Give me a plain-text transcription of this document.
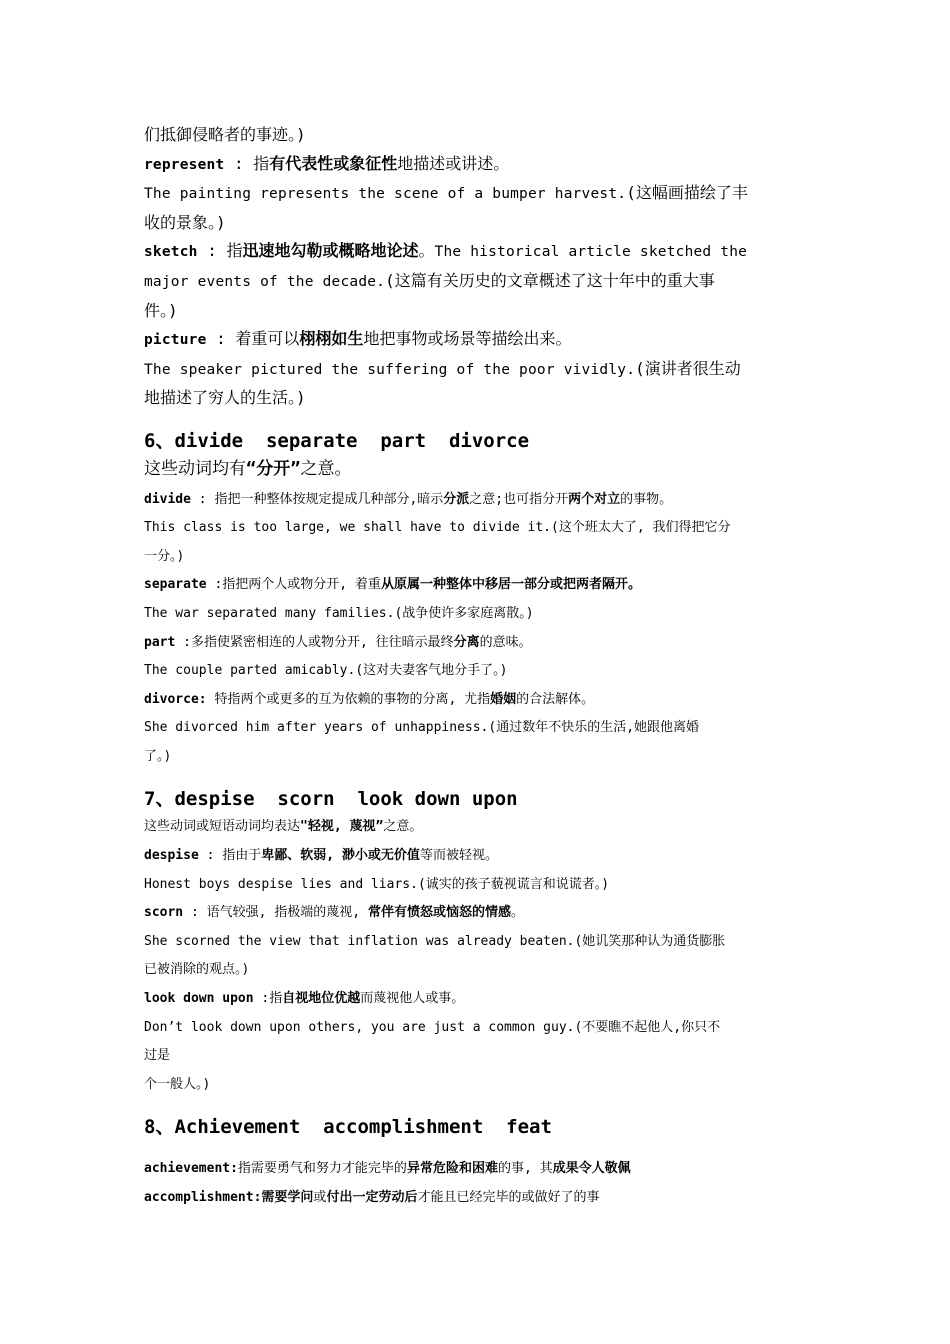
们抵御侵略者的事迹。)
represent : 指有代表性或象征性地描述或讲述。
The painting represents the scene of a bumper harvest.(这幅画描绘了丰
收的景象。)
sketch : 指迅速地勾勒或概略地论述。The historical article sketched the
major events of the decade.(这篇有关历史的文章概述了这十年中的重大事
件。)
picture : 着重可以栩栩如生地把事物或场景等描绘出来。
The speaker pictured the suffering of the poor vividly.(演讲者很生动
地描述了穷人的生活。)
6、divide  separate  part  divorce
这些动词均有“分开”之意。
divide : 指把一种整体按规定提成几种部分,暗示分派之意;也可指分开两个对立的事物。
This class is too large, we shall have to divide it.(这个班太大了, 我们得把它分
一分。)
separate :指把两个人或物分开, 着重从原属一种整体中移居一部分或把两者隔开。
The war separated many families.(战争使许多家庭离散。)
part :多指使紧密相连的人或物分开, 往往暗示最终分离的意味。
The couple parted amicably.(这对夫妻客气地分手了。)
divorce: 特指两个或更多的互为依赖的事物的分离, 尤指婚姻的合法解体。
She divorced him after years of unhappiness.(通过数年不快乐的生活,她跟他离婚
了。)
7、despise  scorn  look down upon
这些动词或短语动词均表达"轻视, 蔑视”之意。
despise : 指由于卑鄙、软弱, 渺小或无价值等而被轻视。
Honest boys despise lies and liars.(诚实的孩子藐视谎言和说谎者。)
scorn : 语气较强, 指极端的蔑视, 常伴有愤怒或恼怒的情感。
She scorned the view that inflation was already beaten.(她讥笑那种认为通货膨胀
已被消除的观点。)
look down upon :指自视地位优越而蔑视他人或事。
Don’t look down upon others, you are just a common guy.(不要瞧不起他人,你只不
过是
个一般人。)
8、Achievement  accomplishment  feat
achievement:指需要勇气和努力才能完毕的异常危险和困难的事, 其成果令人敬佩
accomplishment:需要学问或付出一定劳动后才能且已经完毕的或做好了的事
